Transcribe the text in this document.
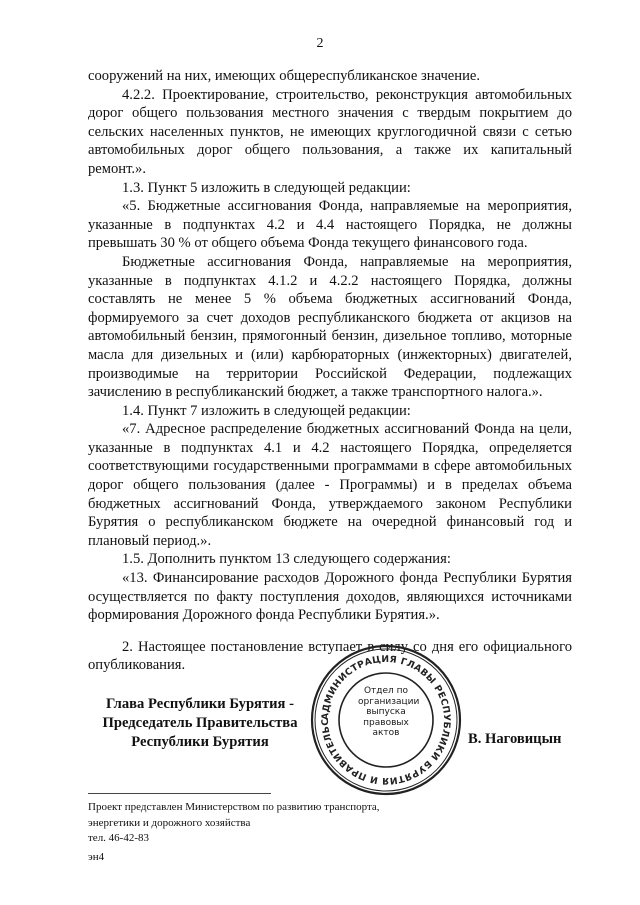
2

сооружений на них, имеющих общереспубликанское значение.

4.2.2. Проектирование, строительство, реконструкция автомобильных дорог общего пользования местного значения с твердым покрытием до сельских населенных пунктов, не имеющих круглогодичной связи с сетью автомобильных дорог общего пользования, а также их капитальный ремонт.».

1.3. Пункт 5 изложить в следующей редакции:

«5. Бюджетные ассигнования Фонда, направляемые на мероприятия, указанные в подпунктах 4.2 и 4.4 настоящего Порядка, не должны превышать 30 % от общего объема Фонда текущего финансового года.

Бюджетные ассигнования Фонда, направляемые на мероприятия, указанные в подпунктах 4.1.2 и 4.2.2 настоящего Порядка, должны составлять не менее 5 % объема бюджетных ассигнований Фонда, формируемого за счет доходов республиканского бюджета от акцизов на автомобильный бензин, прямогонный бензин, дизельное топливо, моторные масла для дизельных и (или) карбюраторных (инжекторных) двигателей, производимые на территории Российской Федерации, подлежащих зачислению в республиканский бюджет, а также транспортного налога.».

1.4. Пункт 7 изложить в следующей редакции:

«7. Адресное распределение бюджетных ассигнований Фонда на цели, указанные в подпунктах 4.1 и 4.2 настоящего Порядка, определяется соответствующими государственными программами в сфере автомобильных дорог общего пользования (далее - Программы) и в пределах объема бюджетных ассигнований Фонда, утверждаемого законом Республики Бурятия о республиканском бюджете на очередной финансовый год и плановый период.».

1.5. Дополнить пунктом 13 следующего содержания:

«13. Финансирование расходов Дорожного фонда Республики Бурятия осуществляется по факту поступления доходов, являющихся источниками формирования Дорожного фонда Республики Бурятия.».

2. Настоящее постановление вступает в силу со дня его официального опубликования.

Глава Республики Бурятия -
Председатель Правительства
Республики Бурятия
АДМИНИСТРАЦИЯ ГЛАВЫ РЕСПУБЛИКИ БУРЯТИЯ И ПРАВИТЕЛЬС
Отдел по
организации
выпуска
правовых
актов	В. Наговицын
Проект представлен Министерством по развитию транспорта,
энергетики и дорожного хозяйства
тел. 46-42-83
эн4
